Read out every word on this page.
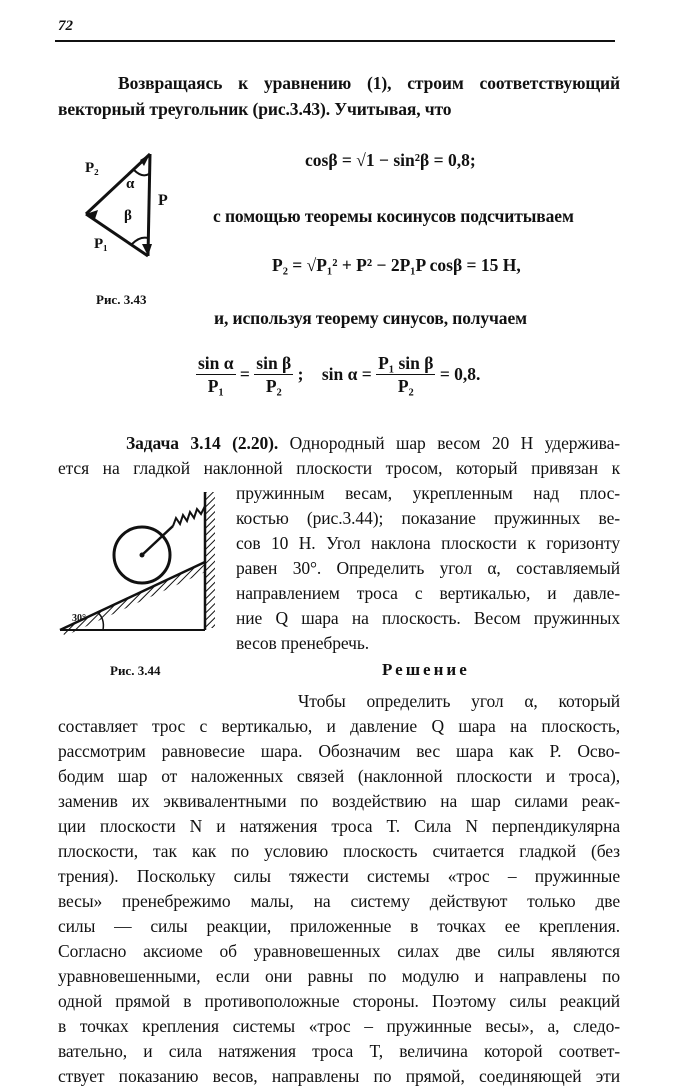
72
Возвращаясь к уравнению (1), строим соответствующий
векторный треугольник (рис.3.43). Учитывая, что
P₂
α
P
β
P₁
Рис. 3.43
cosβ = √1 − sin²β = 0,8;
с помощью теоремы косинусов подсчитываем
P₂ = √P₁² + P² − 2P₁P cosβ = 15 H,
и, используя теорему синусов, получаем
$\frac{\text{sin α}}{\text{P₁}} = \frac{\text{sin β}}{\text{P₂}}$ ; $\sin \alpha = \frac{\text{P₁ sin β}}{\text{P₂}} = 0,8$.
Задача 3.14 (2.20). Однородный шар весом 20 Н удержива-
ется на гладкой наклонной плоскости тросом, который привязан к
пружинным весам, укрепленным над плос-
костью (рис.3.44); показание пружинных ве-
сов 10 Н. Угол наклона плоскости к горизонту
равен 30°. Определить угол α, составляемый
направлением троса с вертикалью, и давле-
ние Q шара на плоскость. Весом пружинных
весов пренебречь.
30°
Рис. 3.44	Решение
Чтобы определить угол α, который
составляет трос с вертикалью, и давление Q шара на плоскость,
рассмотрим равновесие шара. Обозначим вес шара как P. Осво-
бодим шар от наложенных связей (наклонной плоскости и троса),
заменив их эквивалентными по воздействию на шар силами реак-
ции плоскости N и натяжения троса T. Сила N перпендикулярна
плоскости, так как по условию плоскость считается гладкой (без
трения). Поскольку силы тяжести системы «трос – пружинные
весы» пренебрежимо малы, на систему действуют только две
силы — силы реакции, приложенные в точках ее крепления.
Согласно аксиоме об уравновешенных силах две силы являются
уравновешенными, если они равны по модулю и направлены по
одной прямой в противоположные стороны. Поэтому силы реакций
в точках крепления системы «трос – пружинные весы», а, следо-
вательно, и сила натяжения троса T, величина которой соответ-
ствует показанию весов, направлены по прямой, соединяющей эти
